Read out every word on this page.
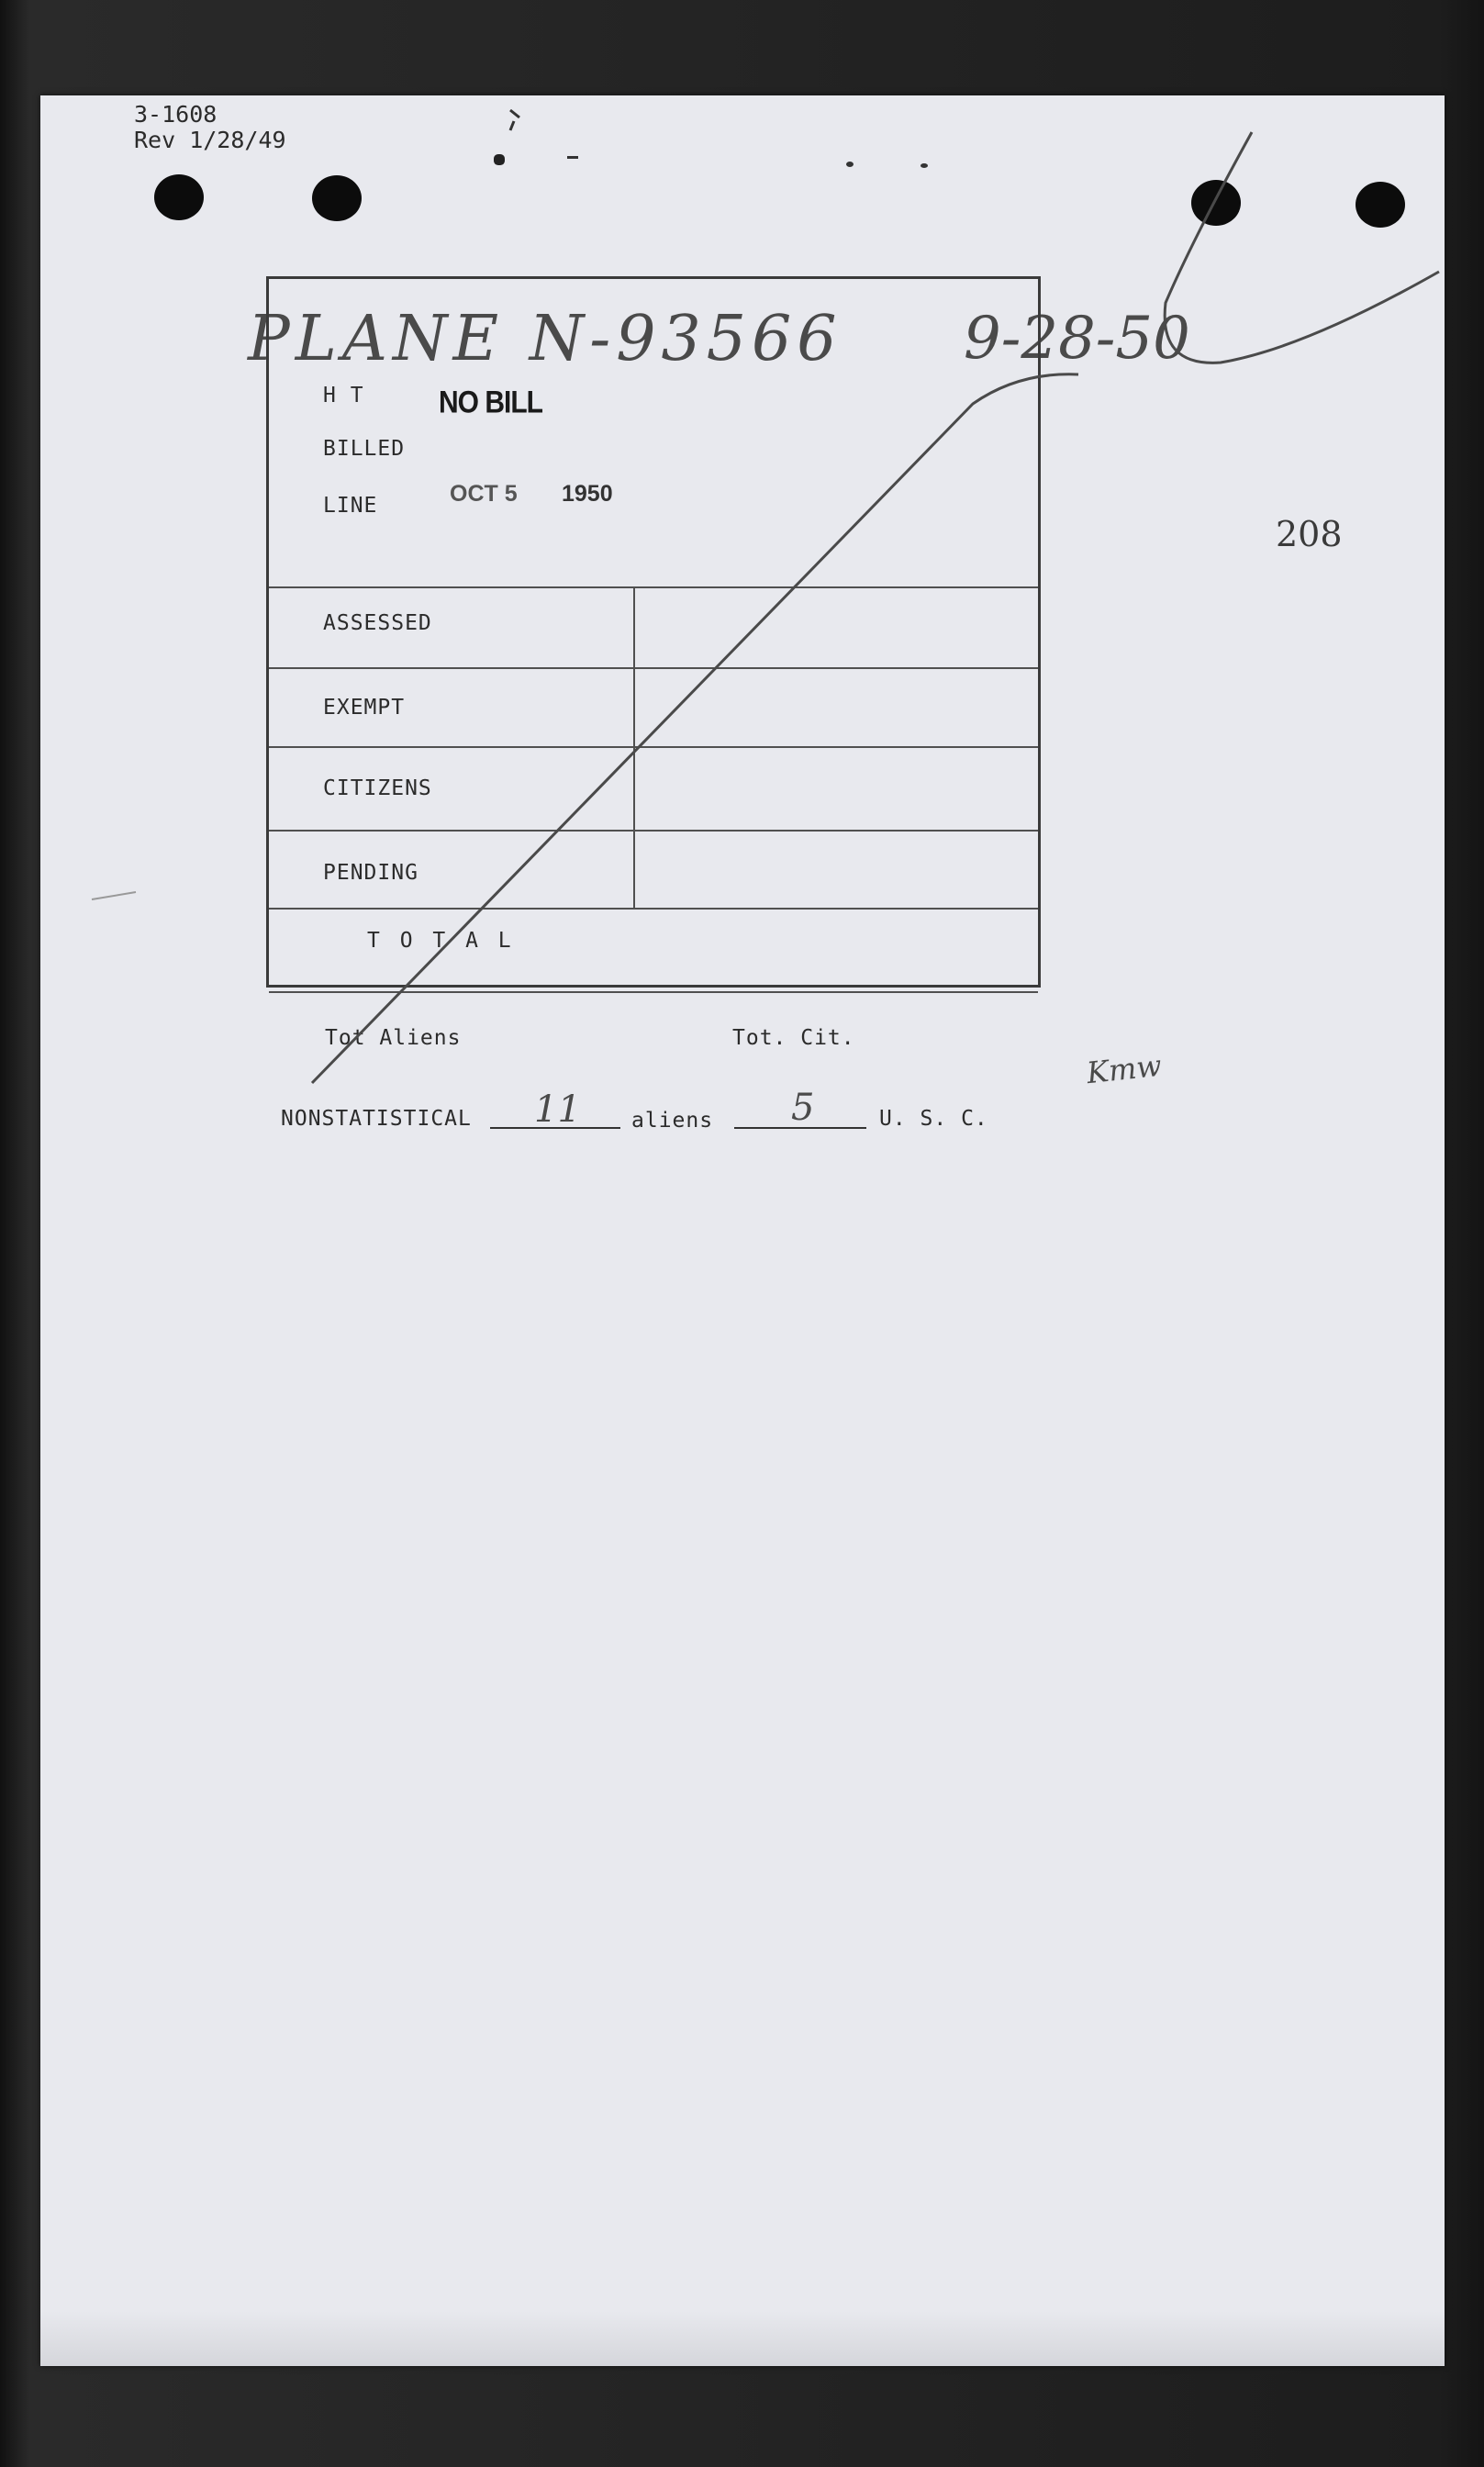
3-1608
Rev 1/28/49
PLANE N-93566 9-28-50
208
H T
BILLED
LINE
NO BILL
OCT 5 1950
ASSESSED
EXEMPT
CITIZENS
PENDING
T O T A L
Tot Aliens	Tot. Cit.
Kmw
NONSTATISTICAL 11 aliens 5	U. S. C.
